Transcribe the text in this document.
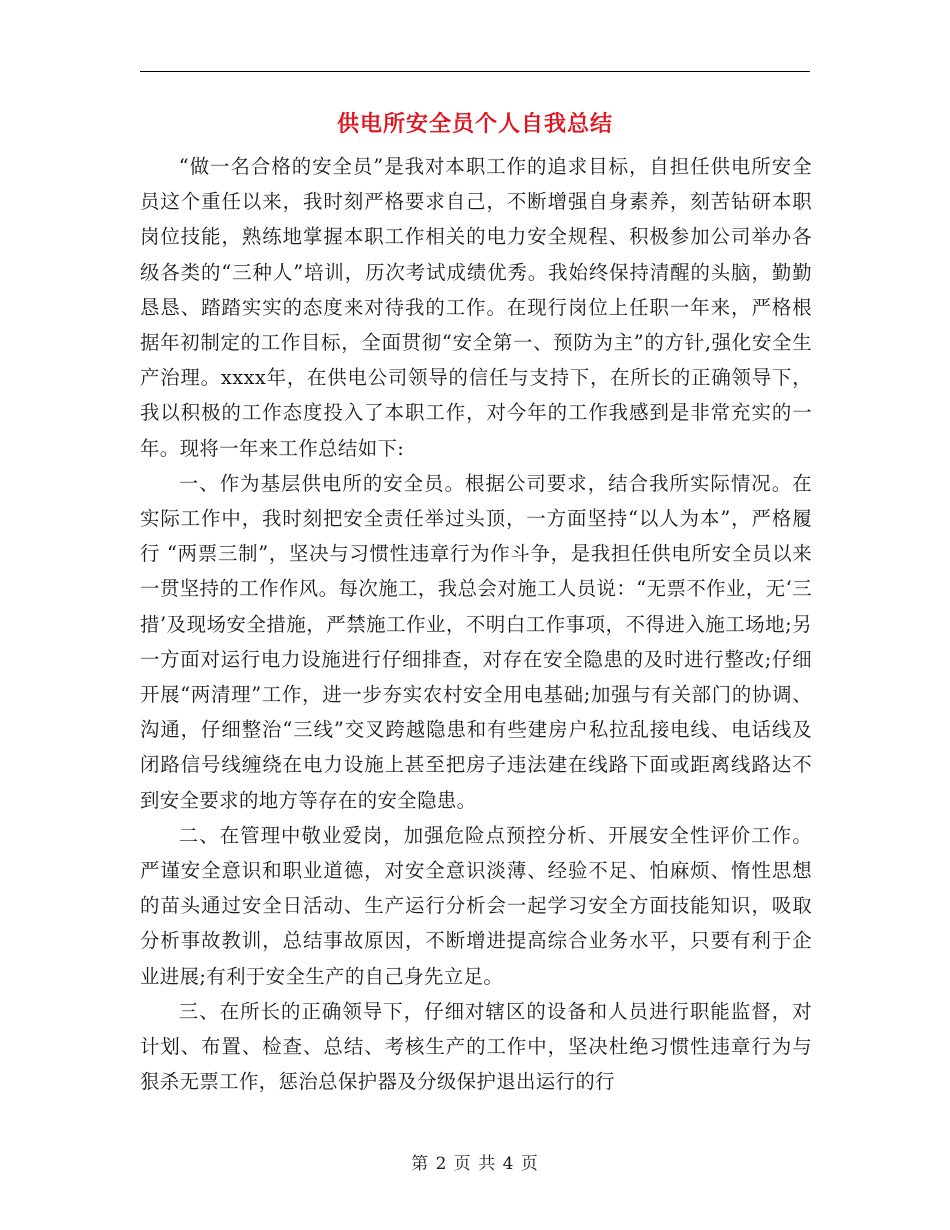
供电所安全员个人自我总结

“做一名合格的安全员”是我对本职工作的追求目标，自担任供电所安全员这个重任以来，我时刻严格要求自己，不断增强自身素养，刻苦钻研本职岗位技能，熟练地掌握本职工作相关的电力安全规程、积极参加公司举办各级各类的“三种人”培训，历次考试成绩优秀。我始终保持清醒的头脑，勤勤恳恳、踏踏实实的态度来对待我的工作。在现行岗位上任职一年来，严格根据年初制定的工作目标，全面贯彻“安全第一、预防为主”的方针,强化安全生产治理。xxxx年，在供电公司领导的信任与支持下，在所长的正确领导下，我以积极的工作态度投入了本职工作，对今年的工作我感到是非常充实的一年。现将一年来工作总结如下:

一、作为基层供电所的安全员。根据公司要求，结合我所实际情况。在实际工作中，我时刻把安全责任举过头顶，一方面坚持“以人为本”，严格履行 “两票三制”，坚决与习惯性违章行为作斗争，是我担任供电所安全员以来一贯坚持的工作作风。每次施工，我总会对施工人员说：“无票不作业，无‘三措’及现场安全措施，严禁施工作业，不明白工作事项，不得进入施工场地;另一方面对运行电力设施进行仔细排查，对存在安全隐患的及时进行整改;仔细开展“两清理”工作，进一步夯实农村安全用电基础;加强与有关部门的协调、沟通，仔细整治“三线”交叉跨越隐患和有些建房户私拉乱接电线、电话线及闭路信号线缠绕在电力设施上甚至把房子违法建在线路下面或距离线路达不到安全要求的地方等存在的安全隐患。

二、在管理中敬业爱岗，加强危险点预控分析、开展安全性评价工作。严谨安全意识和职业道德，对安全意识淡薄、经验不足、怕麻烦、惰性思想的苗头通过安全日活动、生产运行分析会一起学习安全方面技能知识，吸取分析事故教训，总结事故原因，不断增进提高综合业务水平，只要有利于企业进展;有利于安全生产的自己身先立足。

三、在所长的正确领导下，仔细对辖区的设备和人员进行职能监督，对计划、布置、检查、总结、考核生产的工作中，坚决杜绝习惯性违章行为与狠杀无票工作，惩治总保护器及分级保护退出运行的行

第 2 页 共 4 页
